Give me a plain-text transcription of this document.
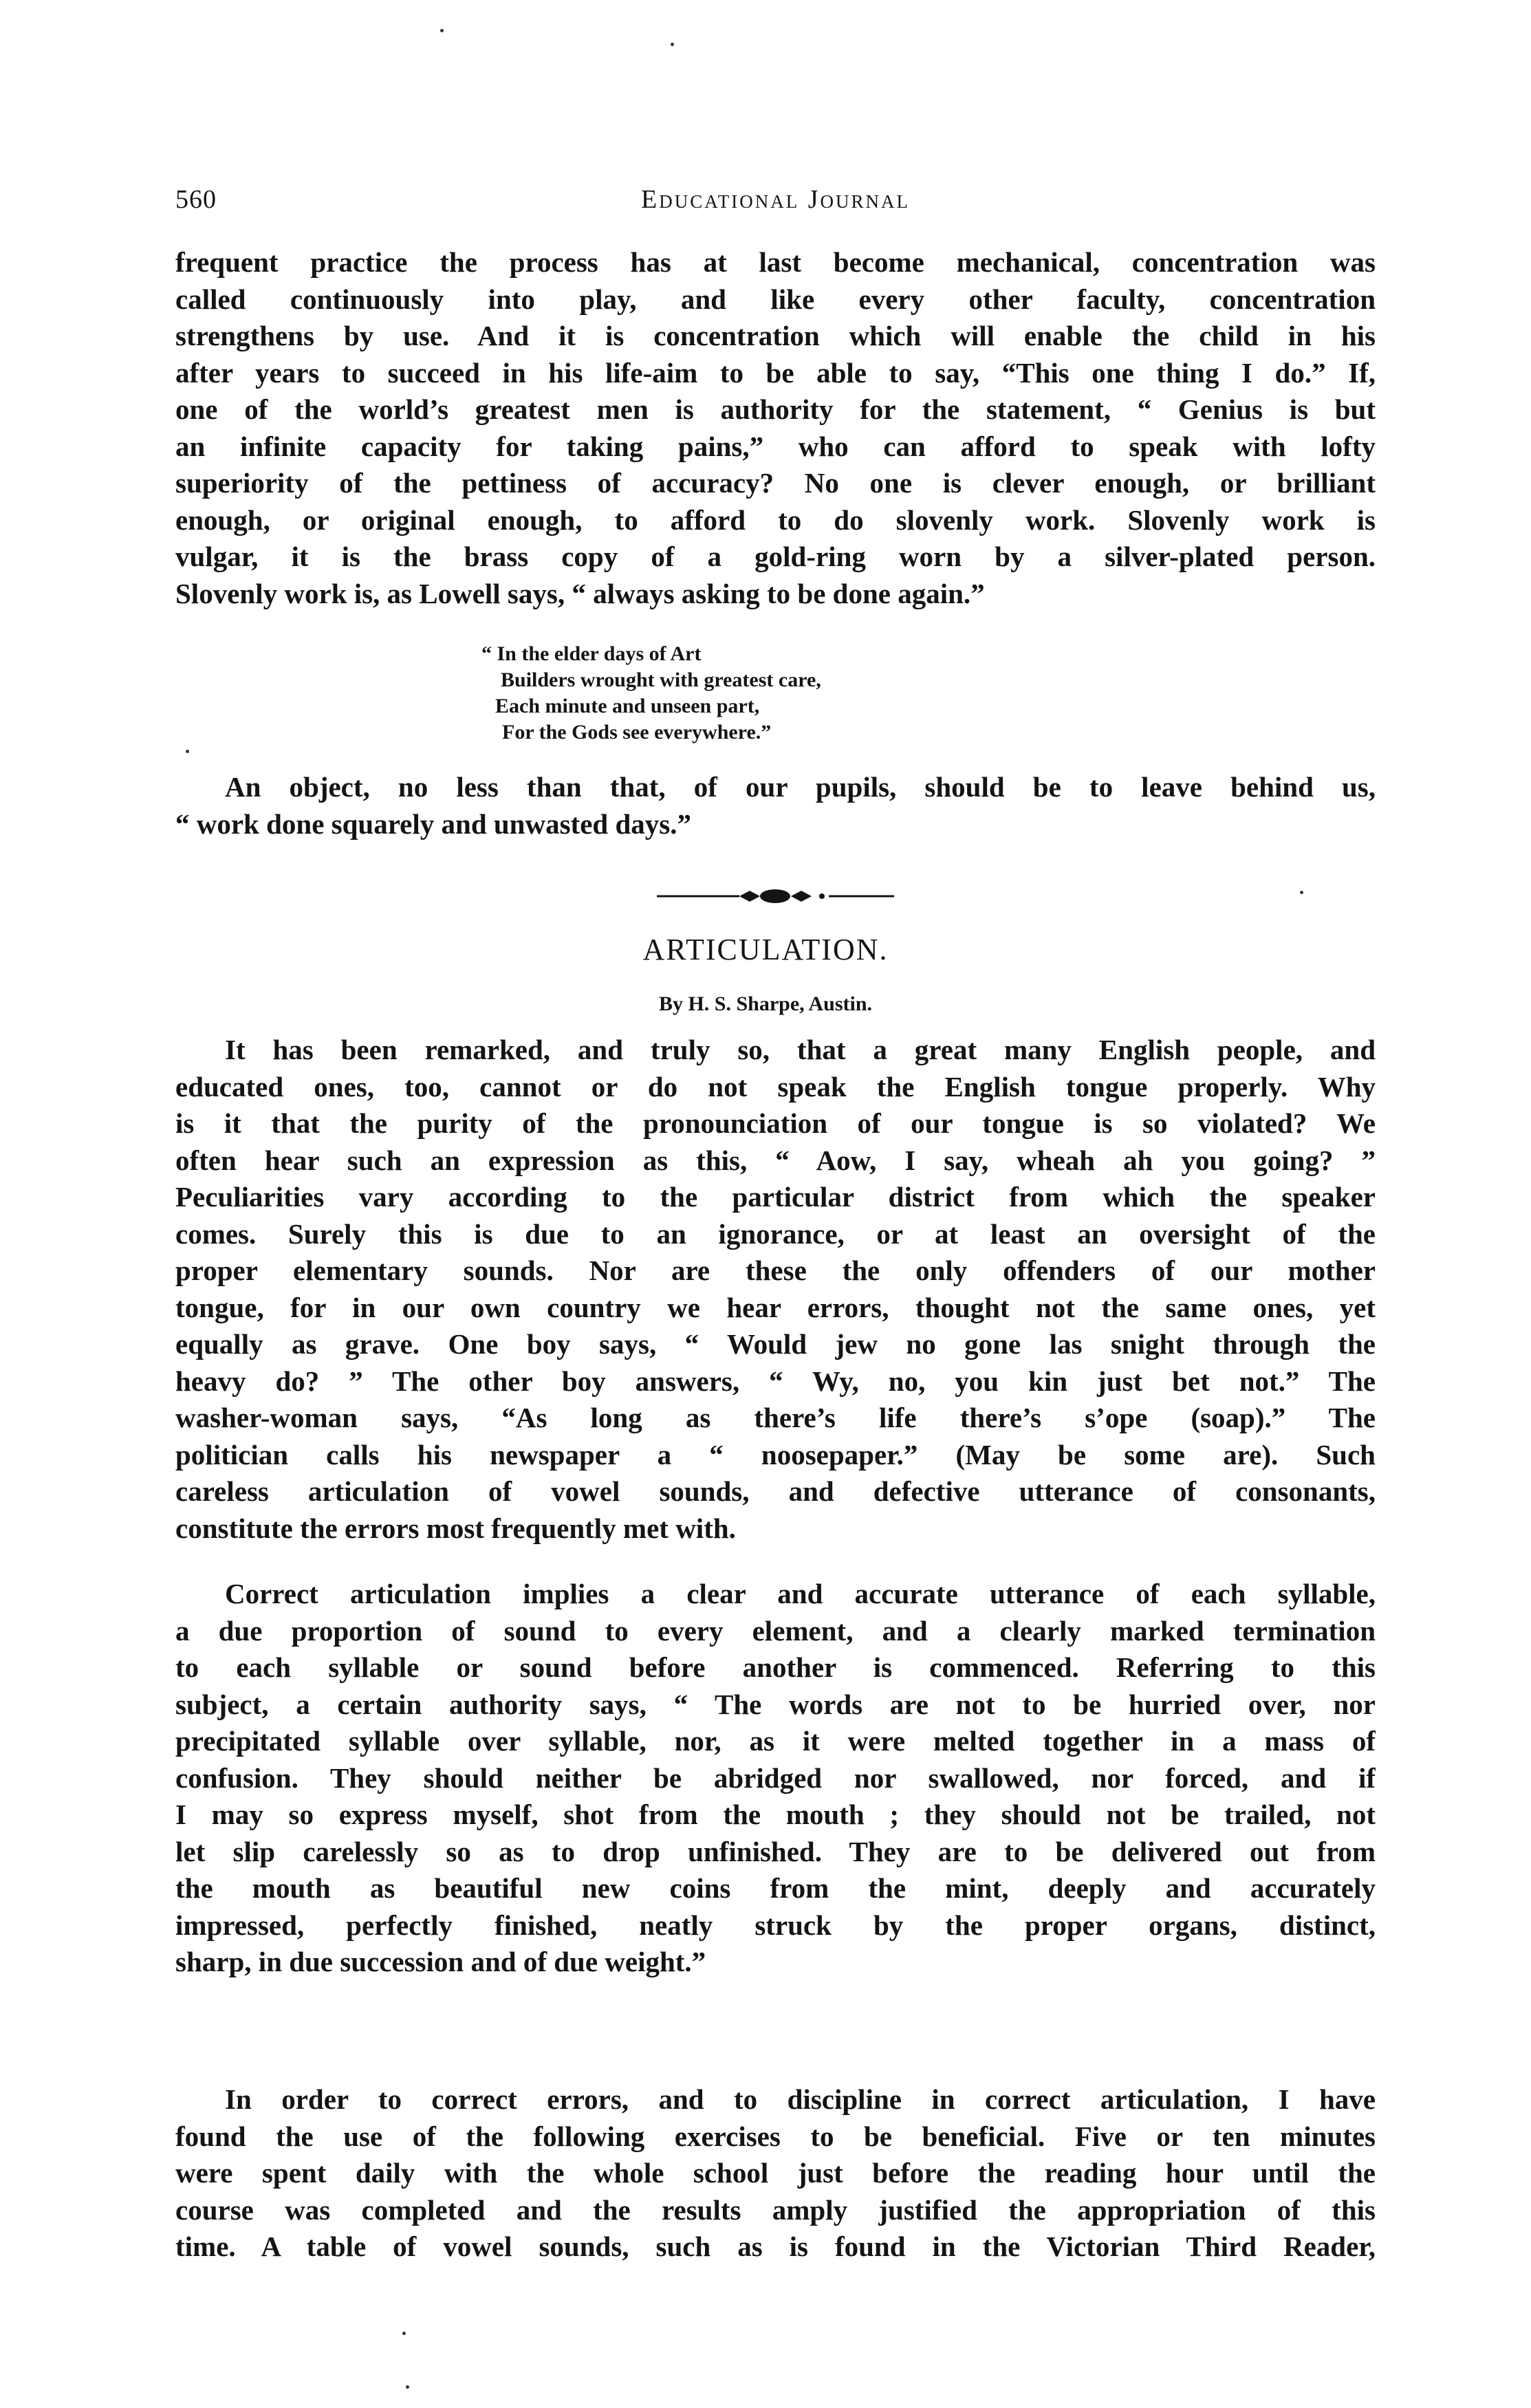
560	Educational Journal
frequent practice the process has at last become mechanical, concentration was
called continuously into play, and like every other faculty, concentration
strengthens by use. And it is concentration which will enable the child in his
after years to succeed in his life-aim to be able to say, “This one thing I do.” If,
one of the world’s greatest men is authority for the statement, “ Genius is but
an infinite capacity for taking pains,” who can afford to speak with lofty
superiority of the pettiness of accuracy? No one is clever enough, or brilliant
enough, or original enough, to afford to do slovenly work. Slovenly work is
vulgar, it is the brass copy of a gold-ring worn by a silver-plated person.
Slovenly work is, as Lowell says, “ always asking to be done again.”
“ In the elder days of Art
Builders wrought with greatest care,
Each minute and unseen part,
For the Gods see everywhere.”
An object, no less than that, of our pupils, should be to leave behind us,
“ work done squarely and unwasted days.”
ARTICULATION.
By H. S. Sharpe, Austin.
It has been remarked, and truly so, that a great many English people, and
educated ones, too, cannot or do not speak the English tongue properly. Why
is it that the purity of the pronounciation of our tongue is so violated? We
often hear such an expression as this, “ Aow, I say, wheah ah you going? ”
Peculiarities vary according to the particular district from which the speaker
comes. Surely this is due to an ignorance, or at least an oversight of the
proper elementary sounds. Nor are these the only offenders of our mother
tongue, for in our own country we hear errors, thought not the same ones, yet
equally as grave. One boy says, “ Would jew no gone las snight through the
heavy do? ” The other boy answers, “ Wy, no, you kin just bet not.” The
washer-woman says, “As long as there’s life there’s s’ope (soap).” The
politician calls his newspaper a “ noosepaper.” (May be some are). Such
careless articulation of vowel sounds, and defective utterance of consonants,
constitute the errors most frequently met with.
Correct articulation implies a clear and accurate utterance of each syllable,
a due proportion of sound to every element, and a clearly marked termination
to each syllable or sound before another is commenced. Referring to this
subject, a certain authority says, “ The words are not to be hurried over, nor
precipitated syllable over syllable, nor, as it were melted together in a mass of
confusion. They should neither be abridged nor swallowed, nor forced, and if
I may so express myself, shot from the mouth ; they should not be trailed, not
let slip carelessly so as to drop unfinished. They are to be delivered out from
the mouth as beautiful new coins from the mint, deeply and accurately
impressed, perfectly finished, neatly struck by the proper organs, distinct,
sharp, in due succession and of due weight.”
In order to correct errors, and to discipline in correct articulation, I have
found the use of the following exercises to be beneficial. Five or ten minutes
were spent daily with the whole school just before the reading hour until the
course was completed and the results amply justified the appropriation of this
time. A table of vowel sounds, such as is found in the Victorian Third Reader,
